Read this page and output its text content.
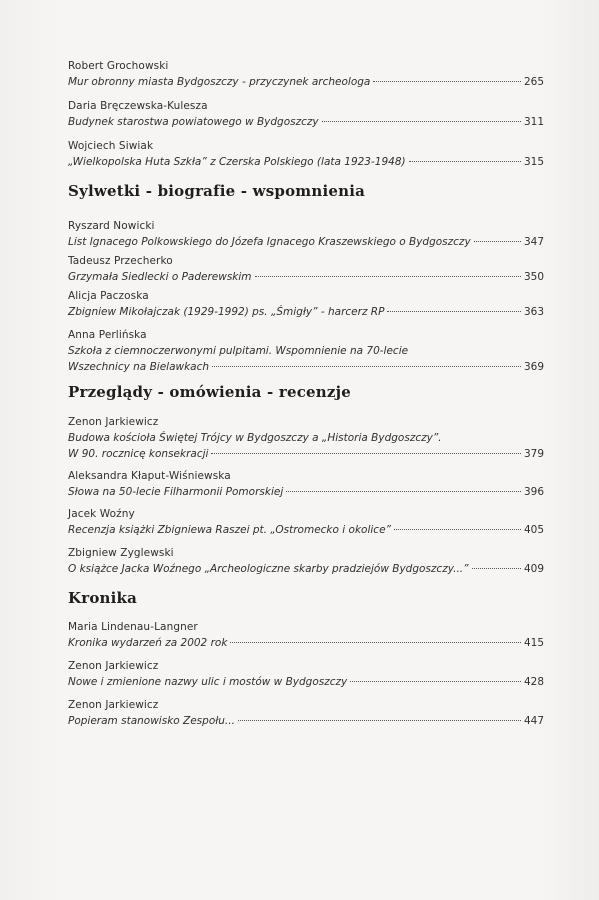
Robert Grochowski
Mur obronny miasta Bydgoszczy - przyczynek archeologa	265
Daria Bręczewska-Kulesza
Budynek starostwa powiatowego w Bydgoszczy	311
Wojciech Siwiak
„Wielkopolska Huta Szkła” z Czerska Polskiego (lata 1923-1948)	315
Sylwetki - biografie - wspomnienia
Ryszard Nowicki
List Ignacego Polkowskiego do Józefa Ignacego Kraszewskiego o Bydgoszczy	347
Tadeusz Przecherko
Grzymała Siedlecki o Paderewskim	350
Alicja Paczoska
Zbigniew Mikołajczak (1929-1992) ps. „Śmigły” - harcerz RP	363
Anna Perlińska
Szkoła z ciemnoczerwonymi pulpitami. Wspomnienie na 70-lecie
Wszechnicy na Bielawkach	369
Przeglądy - omówienia - recenzje
Zenon Jarkiewicz
Budowa kościoła Świętej Trójcy w Bydgoszczy a „Historia Bydgoszczy”.
W 90. rocznicę konsekracji	379
Aleksandra Kłaput-Wiśniewska
Słowa na 50-lecie Filharmonii Pomorskiej	396
Jacek Woźny
Recenzja książki Zbigniewa Raszei pt. „Ostromecko i okolice”	405
Zbigniew Zyglewski
O książce Jacka Woźnego „Archeologiczne skarby pradziejów Bydgoszczy...”	409
Kronika
Maria Lindenau-Langner
Kronika wydarzeń za 2002 rok	415
Zenon Jarkiewicz
Nowe i zmienione nazwy ulic i mostów w Bydgoszczy	428
Zenon Jarkiewicz
Popieram stanowisko Zespołu...	447
